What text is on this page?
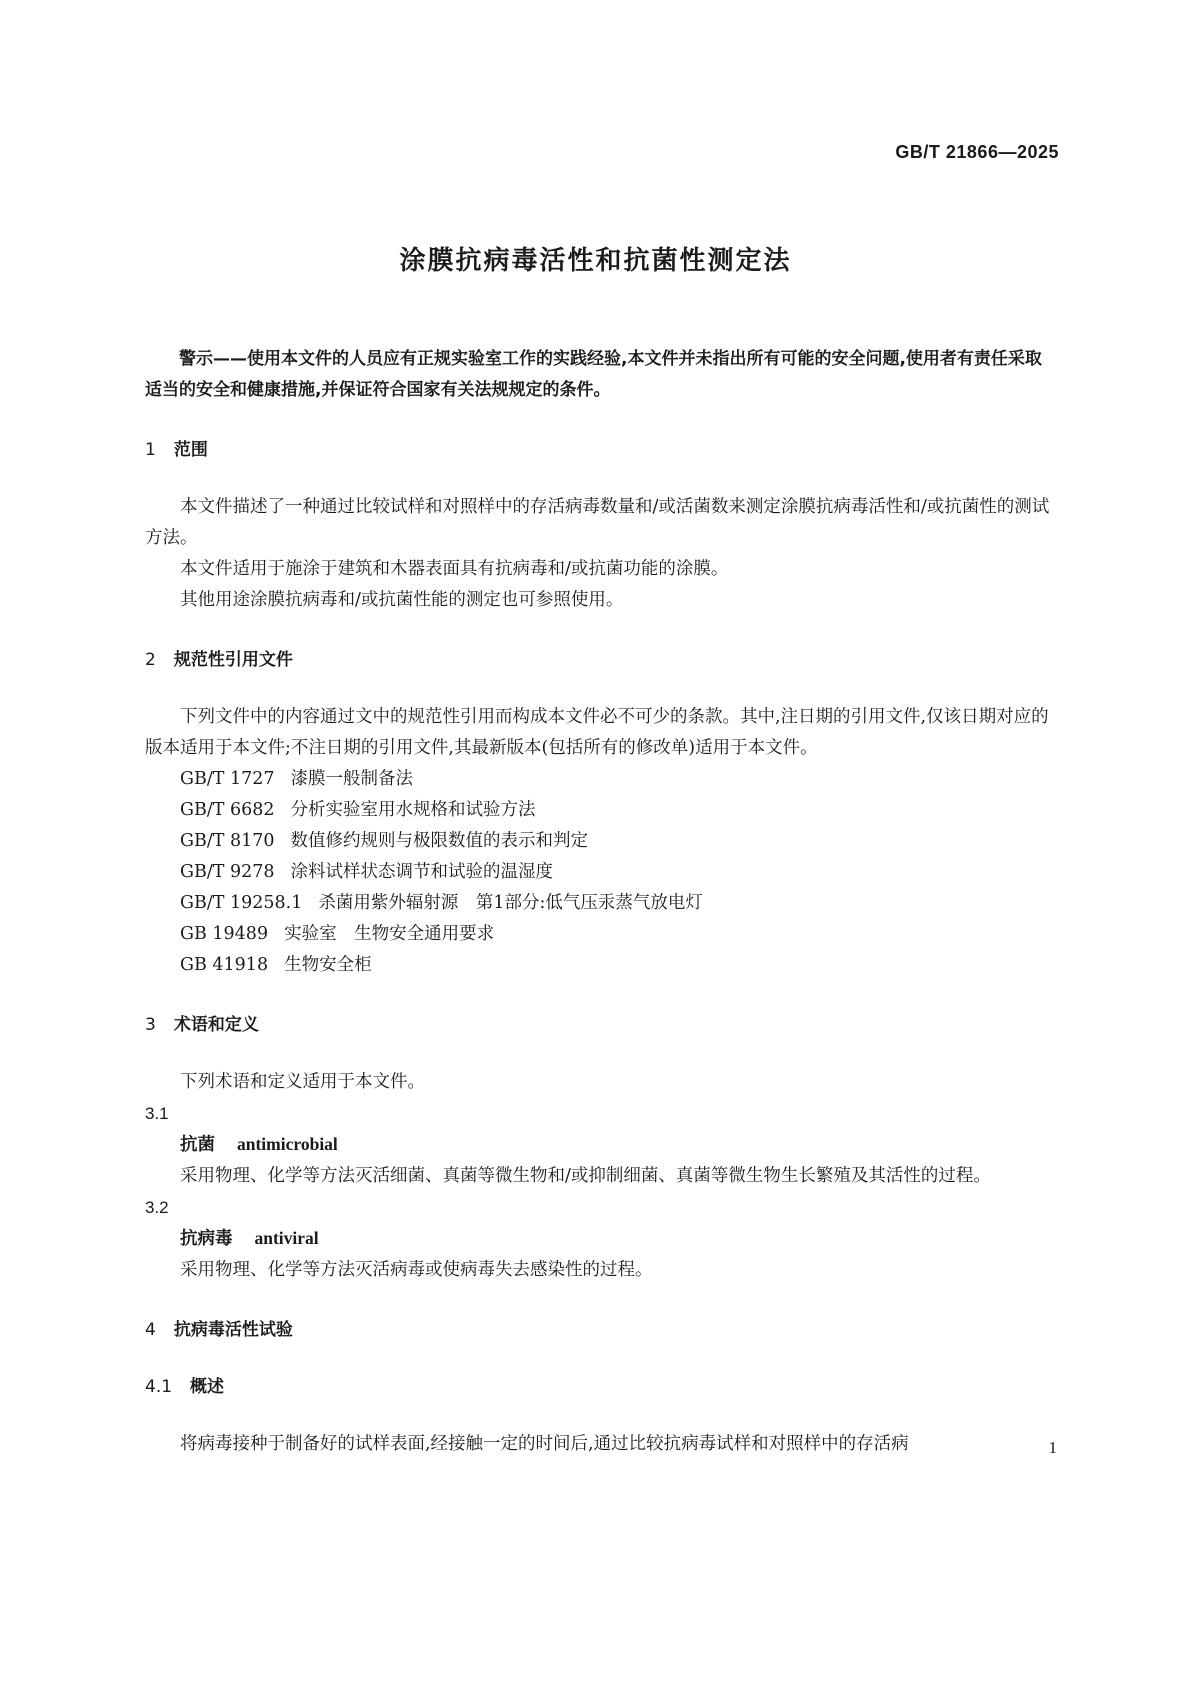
GB/T 21866—2025
涂膜抗病毒活性和抗菌性测定法

警示——使用本文件的人员应有正规实验室工作的实践经验,本文件并未指出所有可能的安全问题,使用者有责任采取适当的安全和健康措施,并保证符合国家有关法规规定的条件。

1 范围

本文件描述了一种通过比较试样和对照样中的存活病毒数量和/或活菌数来测定涂膜抗病毒活性和/或抗菌性的测试方法。

本文件适用于施涂于建筑和木器表面具有抗病毒和/或抗菌功能的涂膜。

其他用途涂膜抗病毒和/或抗菌性能的测定也可参照使用。

2 规范性引用文件

下列文件中的内容通过文中的规范性引用而构成本文件必不可少的条款。其中,注日期的引用文件,仅该日期对应的版本适用于本文件;不注日期的引用文件,其最新版本(包括所有的修改单)适用于本文件。

GB/T 1727 漆膜一般制备法

GB/T 6682 分析实验室用水规格和试验方法

GB/T 8170 数值修约规则与极限数值的表示和判定

GB/T 9278 涂料试样状态调节和试验的温湿度

GB/T 19258.1 杀菌用紫外辐射源　第1部分:低气压汞蒸气放电灯

GB 19489 实验室　生物安全通用要求

GB 41918 生物安全柜

3 术语和定义

下列术语和定义适用于本文件。

3.1

抗菌 antimicrobial

采用物理、化学等方法灭活细菌、真菌等微生物和/或抑制细菌、真菌等微生物生长繁殖及其活性的过程。

3.2

抗病毒 antiviral

采用物理、化学等方法灭活病毒或使病毒失去感染性的过程。

4 抗病毒活性试验

4.1 概述

将病毒接种于制备好的试样表面,经接触一定的时间后,通过比较抗病毒试样和对照样中的存活病	1
